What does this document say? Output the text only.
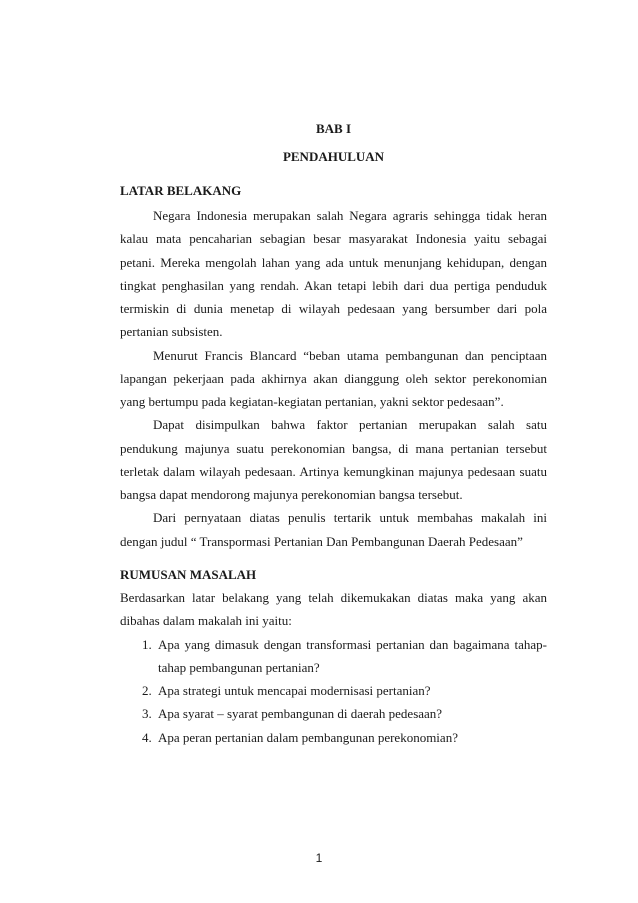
BAB I
PENDAHULUAN

LATAR BELAKANG

Negara Indonesia merupakan salah Negara agraris sehingga tidak heran kalau mata pencaharian sebagian besar masyarakat Indonesia yaitu sebagai petani. Mereka mengolah lahan yang ada untuk menunjang kehidupan, dengan tingkat penghasilan yang rendah. Akan tetapi lebih dari dua pertiga penduduk termiskin di dunia menetap di wilayah pedesaan yang bersumber dari pola pertanian subsisten.

Menurut Francis Blancard “beban utama pembangunan dan penciptaan lapangan pekerjaan pada akhirnya akan dianggung oleh sektor perekonomian yang bertumpu pada kegiatan-kegiatan pertanian, yakni sektor pedesaan”.

Dapat disimpulkan bahwa faktor pertanian merupakan salah satu pendukung majunya suatu perekonomian bangsa, di mana pertanian tersebut terletak dalam wilayah pedesaan. Artinya kemungkinan majunya pedesaan suatu bangsa dapat mendorong majunya perekonomian bangsa tersebut.

Dari pernyataan diatas penulis tertarik untuk membahas makalah ini dengan judul “ Transpormasi Pertanian Dan Pembangunan Daerah Pedesaan”

RUMUSAN MASALAH

Berdasarkan latar belakang yang telah dikemukakan diatas maka yang akan dibahas dalam makalah ini yaitu:

1. Apa yang dimasuk dengan transformasi pertanian dan bagaimana tahap-tahap pembangunan pertanian?
2. Apa strategi untuk mencapai modernisasi pertanian?
3. Apa syarat – syarat pembangunan di daerah pedesaan?
4. Apa peran pertanian dalam pembangunan perekonomian?
1
